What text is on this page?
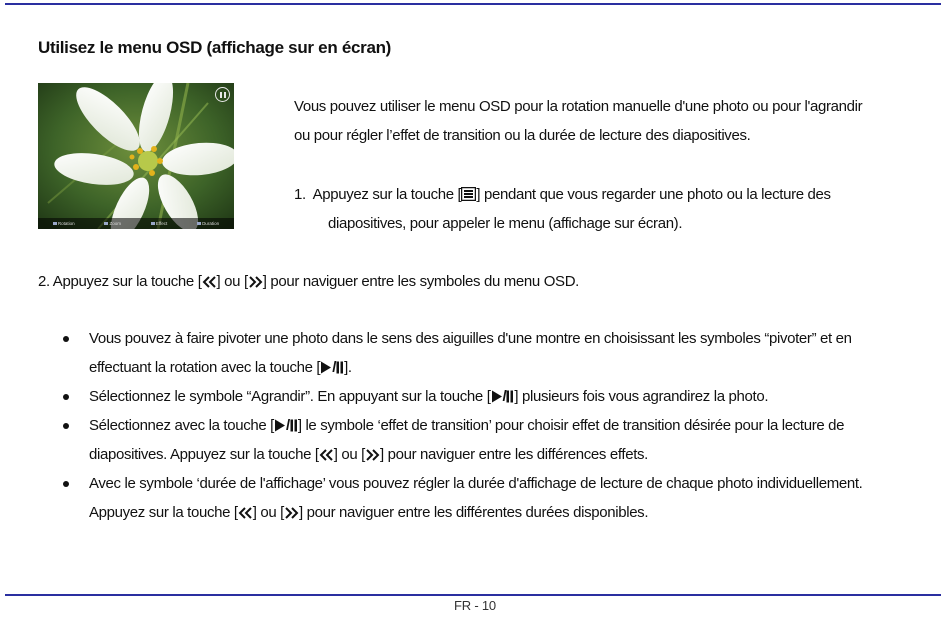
Utilisez le menu OSD (affichage sur en écran)
Rotation	Zoom	Effect	Duration
Vous pouvez utiliser le menu OSD pour la rotation manuelle d'une photo ou pour l'agrandir
ou pour régler l’effet de transition ou la durée de lecture des diapositives.
1. Appuyez sur la touche [ ] pendant que vous regarder une photo ou la lecture des
diapositives, pour appeler le menu (affichage sur écran).
2. Appuyez sur la touche [ ] ou [ ] pour naviguer entre les symboles du menu OSD.
Vous pouvez à faire pivoter une photo dans le sens des aiguilles d'une montre en choisissant les symboles “pivoter” et en
effectuant la rotation avec la touche [ / ].
Sélectionnez le symbole “Agrandir”. En appuyant sur la touche [ / ] plusieurs fois vous agrandirez la photo.
Sélectionnez avec la touche [ / ] le symbole ‘effet de transition’ pour choisir effet de transition désirée pour la lecture de
diapositives. Appuyez sur la touche [ ] ou [ ] pour naviguer entre les différences effets.
Avec le symbole ‘durée de l'affichage’ vous pouvez régler la durée d'affichage de lecture de chaque photo individuellement.
Appuyez sur la touche [ ] ou [ ] pour naviguer entre les différentes durées disponibles.
FR - 10
